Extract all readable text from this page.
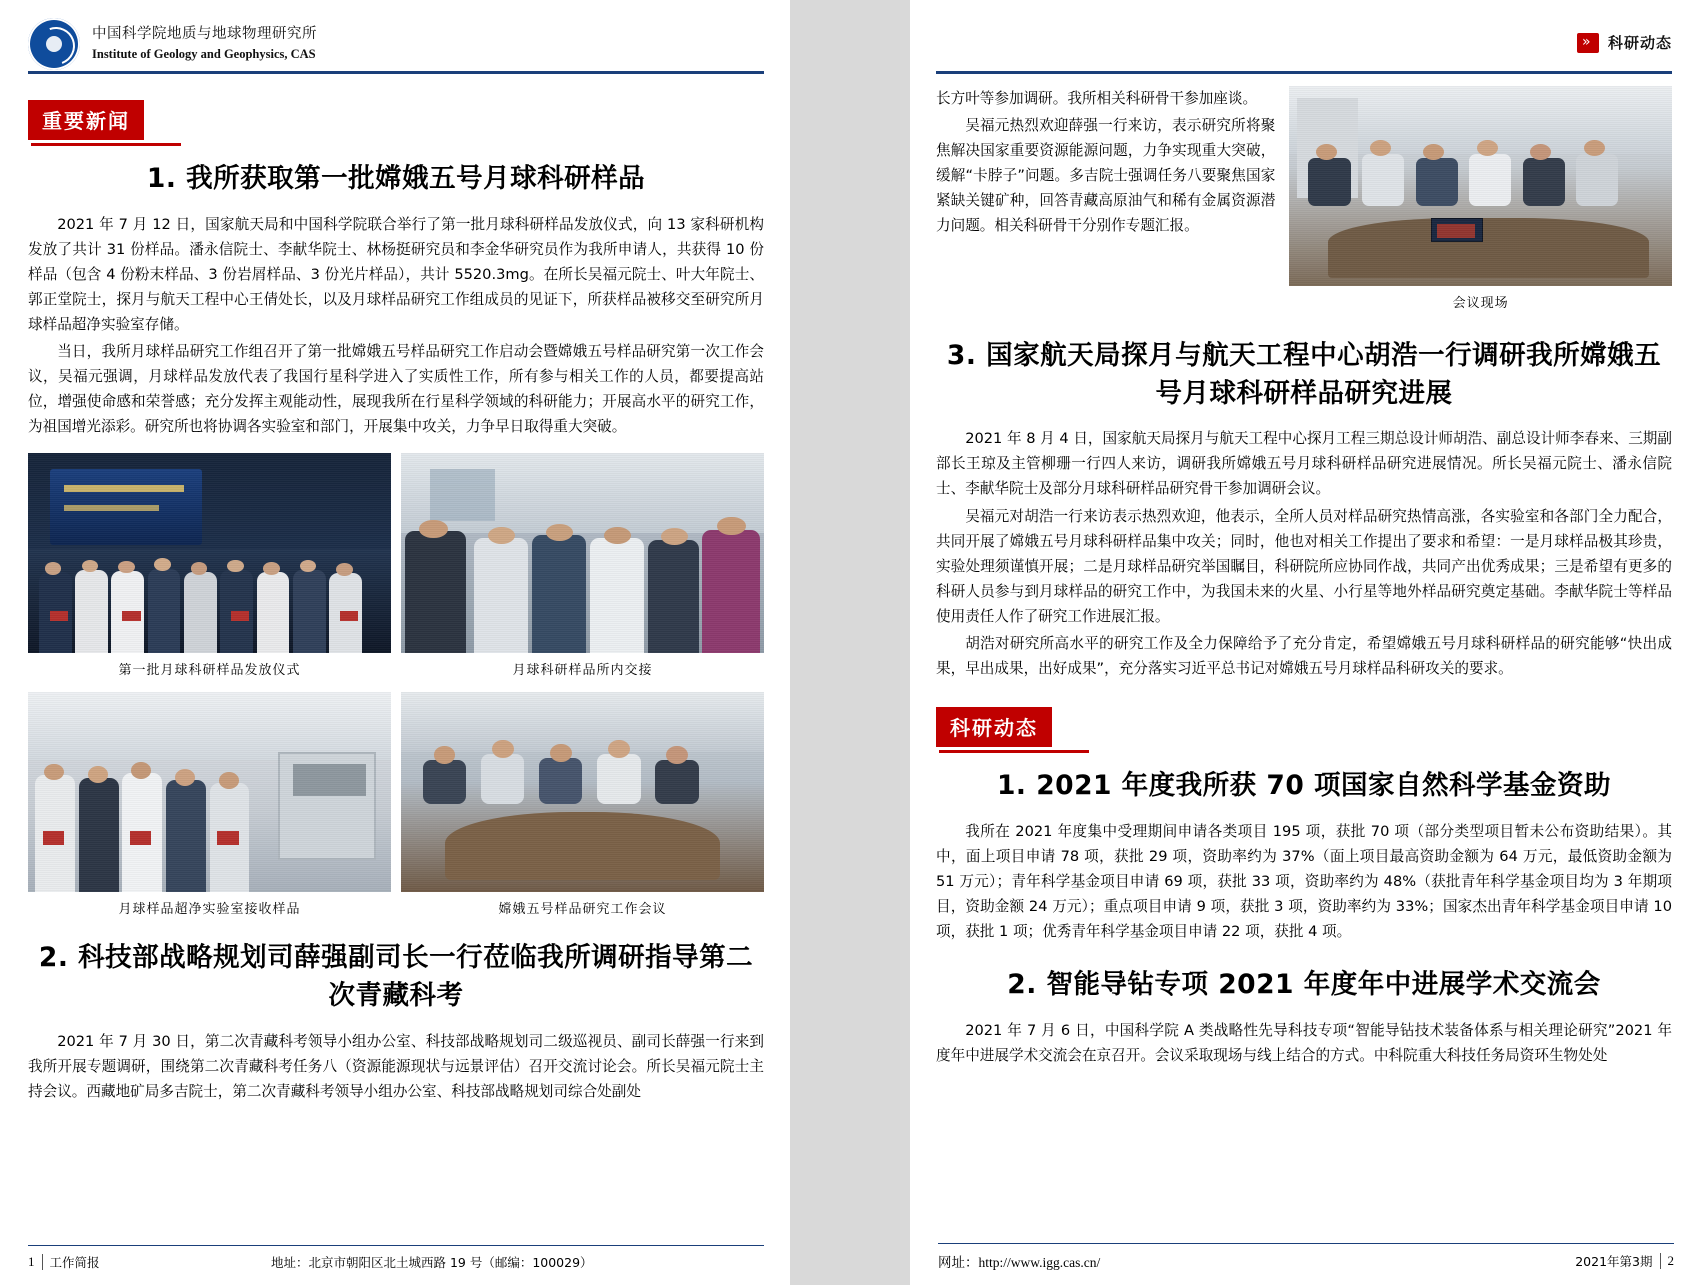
中国科学院地质与地球物理研究所
Institute of Geology and Geophysics, CAS
重要新闻
1. 我所获取第一批嫦娥五号月球科研样品

2021 年 7 月 12 日，国家航天局和中国科学院联合举行了第一批月球科研样品发放仪式，向 13 家科研机构发放了共计 31 份样品。潘永信院士、李献华院士、林杨挺研究员和李金华研究员作为我所申请人，共获得 10 份样品（包含 4 份粉末样品、3 份岩屑样品、3 份光片样品），共计 5520.3mg。在所长吴福元院士、叶大年院士、郭正堂院士，探月与航天工程中心王倩处长，以及月球样品研究工作组成员的见证下，所获样品被移交至研究所月球样品超净实验室存储。

当日，我所月球样品研究工作组召开了第一批嫦娥五号样品研究工作启动会暨嫦娥五号样品研究第一次工作会议，吴福元强调，月球样品发放代表了我国行星科学进入了实质性工作，所有参与相关工作的人员，都要提高站位，增强使命感和荣誉感；充分发挥主观能动性，展现我所在行星科学领域的科研能力；开展高水平的研究工作，为祖国增光添彩。研究所也将协调各实验室和部门，开展集中攻关，力争早日取得重大突破。

第一批月球科研样品发放仪式	月球科研样品所内交接

月球样品超净实验室接收样品	嫦娥五号样品研究工作会议

2. 科技部战略规划司薛强副司长一行莅临我所调研指导第二次青藏科考

2021 年 7 月 30 日，第二次青藏科考领导小组办公室、科技部战略规划司二级巡视员、副司长薛强一行来到我所开展专题调研，围绕第二次青藏科考任务八（资源能源现状与远景评估）召开交流讨论会。所长吴福元院士主持会议。西藏地矿局多吉院士，第二次青藏科考领导小组办公室、科技部战略规划司综合处副处

1	工作简报	地址：北京市朝阳区北土城西路 19 号（邮编：100029）
»
科研动态

长方叶等参加调研。我所相关科研骨干参加座谈。

吴福元热烈欢迎薛强一行来访，表示研究所将聚焦解决国家重要资源能源问题，力争实现重大突破，缓解“卡脖子”问题。多吉院士强调任务八要聚焦国家紧缺关键矿种，回答青藏高原油气和稀有金属资源潜力问题。相关科研骨干分别作专题汇报。

会议现场

3. 国家航天局探月与航天工程中心胡浩一行调研我所嫦娥五号月球科研样品研究进展

2021 年 8 月 4 日，国家航天局探月与航天工程中心探月工程三期总设计师胡浩、副总设计师李春来、三期副部长王琼及主管柳珊一行四人来访，调研我所嫦娥五号月球科研样品研究进展情况。所长吴福元院士、潘永信院士、李献华院士及部分月球科研样品研究骨干参加调研会议。

吴福元对胡浩一行来访表示热烈欢迎，他表示，全所人员对样品研究热情高涨，各实验室和各部门全力配合，共同开展了嫦娥五号月球科研样品集中攻关；同时，他也对相关工作提出了要求和希望：一是月球样品极其珍贵，实验处理须谨慎开展；二是月球样品研究举国瞩目，科研院所应协同作战，共同产出优秀成果；三是希望有更多的科研人员参与到月球样品的研究工作中，为我国未来的火星、小行星等地外样品研究奠定基础。李献华院士等样品使用责任人作了研究工作进展汇报。

胡浩对研究所高水平的研究工作及全力保障给予了充分肯定，希望嫦娥五号月球科研样品的研究能够“快出成果，早出成果，出好成果”，充分落实习近平总书记对嫦娥五号月球样品科研攻关的要求。

科研动态
1. 2021 年度我所获 70 项国家自然科学基金资助

我所在 2021 年度集中受理期间申请各类项目 195 项，获批 70 项（部分类型项目暂未公布资助结果）。其中，面上项目申请 78 项，获批 29 项，资助率约为 37%（面上项目最高资助金额为 64 万元，最低资助金额为 51 万元）；青年科学基金项目申请 69 项，获批 33 项，资助率约为 48%（获批青年科学基金项目均为 3 年期项目，资助金额 24 万元）；重点项目申请 9 项，获批 3 项，资助率约为 33%；国家杰出青年科学基金项目申请 10 项，获批 1 项；优秀青年科学基金项目申请 22 项，获批 4 项。

2. 智能导钻专项 2021 年度年中进展学术交流会

2021 年 7 月 6 日，中国科学院 A 类战略性先导科技专项“智能导钻技术装备体系与相关理论研究”2021 年度年中进展学术交流会在京召开。会议采取现场与线上结合的方式。中科院重大科技任务局资环生物处处

网址：http://www.igg.cas.cn/	2021年第3期	2
